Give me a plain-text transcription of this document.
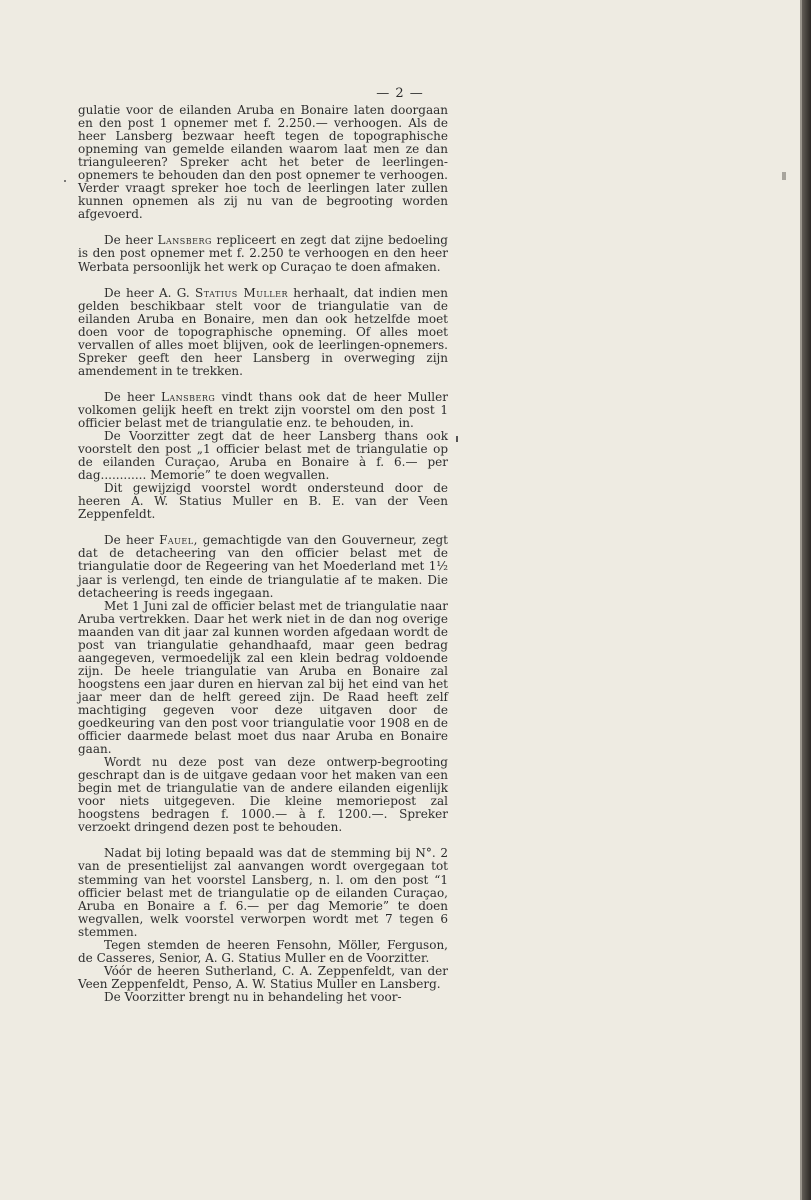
— 2 —

gulatie voor de eilanden Aruba en Bonaire laten doorgaan en den post 1 opnemer met f. 2.250.— verhoogen. Als de heer Lansberg bezwaar heeft tegen de topographische opneming van gemelde eilanden waarom laat men ze dan trianguleeren? Spreker acht het beter de leerlingen-opnemers te behouden dan den post opnemer te verhoogen. Verder vraagt spreker hoe toch de leerlingen later zullen kunnen opnemen als zij nu van de begrooting worden afgevoerd.

De heer Lansberg repliceert en zegt dat zijne bedoeling is den post opnemer met f. 2.250 te verhoogen en den heer Werbata persoonlijk het werk op Curaçao te doen afmaken.

De heer A. G. Statius Muller herhaalt, dat indien men gelden beschikbaar stelt voor de triangulatie van de eilanden Aruba en Bonaire, men dan ook hetzelfde moet doen voor de topographische opneming. Of alles moet vervallen of alles moet blijven, ook de leerlingen-opnemers. Spreker geeft den heer Lansberg in overweging zijn amendement in te trekken.

De heer Lansberg vindt thans ook dat de heer Muller volkomen gelijk heeft en trekt zijn voorstel om den post 1 officier belast met de triangulatie enz. te behouden, in.

De Voorzitter zegt dat de heer Lansberg thans ook voorstelt den post „1 officier belast met de triangulatie op de eilanden Curaçao, Aruba en Bonaire à f. 6.— per dag............ Memorie” te doen wegvallen.

Dit gewijzigd voorstel wordt ondersteund door de heeren A. W. Statius Muller en B. E. van der Veen Zeppenfeldt.

De heer Fauel, gemachtigde van den Gouverneur, zegt dat de detacheering van den officier belast met de triangulatie door de Regeering van het Moederland met 1½ jaar is verlengd, ten einde de triangulatie af te maken. Die detacheering is reeds ingegaan.

Met 1 Juni zal de officier belast met de triangulatie naar Aruba vertrekken. Daar het werk niet in de dan nog overige maanden van dit jaar zal kunnen worden afgedaan wordt de post van triangulatie gehandhaafd, maar geen bedrag aangegeven, vermoedelijk zal een klein bedrag voldoende zijn. De heele triangulatie van Aruba en Bonaire zal hoogstens een jaar duren en hiervan zal bij het eind van het jaar meer dan de helft gereed zijn. De Raad heeft zelf machtiging gegeven voor deze uitgaven door de goedkeuring van den post voor triangulatie voor 1908 en de officier daarmede belast moet dus naar Aruba en Bonaire gaan.

Wordt nu deze post van deze ontwerp-begrooting geschrapt dan is de uitgave gedaan voor het maken van een begin met de triangulatie van de andere eilanden eigenlijk voor niets uitgegeven. Die kleine memoriepost zal hoogstens bedragen f. 1000.— à f. 1200.—. Spreker verzoekt dringend dezen post te behouden.

Nadat bij loting bepaald was dat de stemming bij N°. 2 van de presentielijst zal aanvangen wordt overgegaan tot stemming van het voorstel Lansberg, n. l. om den post “1 officier belast met de triangulatie op de eilanden Curaçao, Aruba en Bonaire a f. 6.— per dag Memorie” te doen wegvallen, welk voorstel verworpen wordt met 7 tegen 6 stemmen.

Tegen stemden de heeren Fensohn, Möller, Ferguson, de Casseres, Senior, A. G. Statius Muller en de Voorzitter.

Vóór de heeren Sutherland, C. A. Zeppenfeldt, van der Veen Zeppenfeldt, Penso, A. W. Statius Muller en Lansberg.

De Voorzitter brengt nu in behandeling het voor-
